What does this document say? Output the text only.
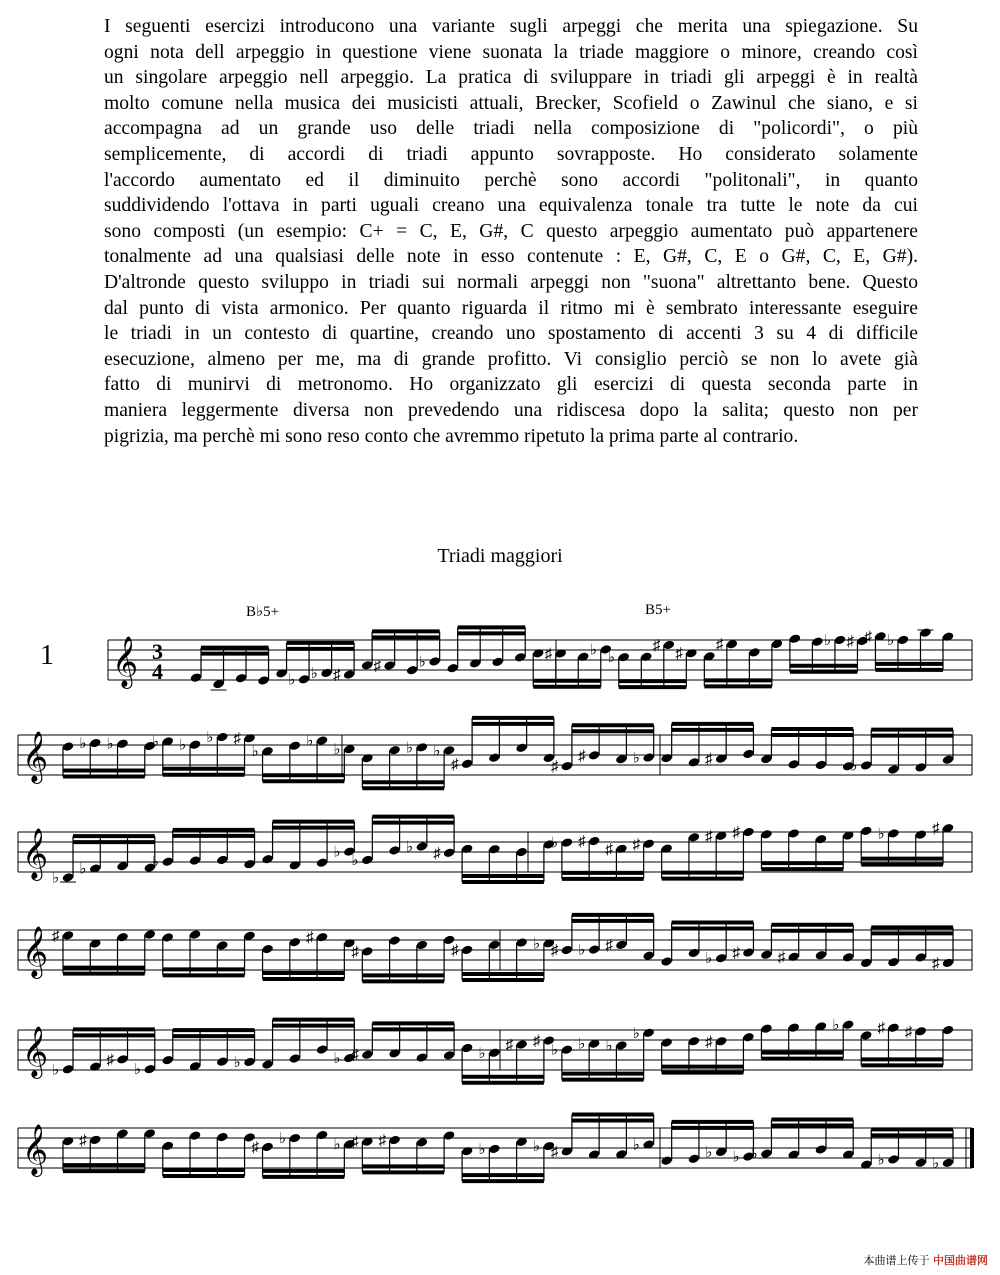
I seguenti esercizi introducono una variante sugli arpeggi che merita una spiegazione. Su
ogni nota dell arpeggio in questione viene suonata la triade maggiore o minore, creando così
un singolare arpeggio nell arpeggio. La pratica di sviluppare in triadi gli arpeggi è in realtà
molto comune nella musica dei musicisti attuali, Brecker, Scofield o Zawinul che siano, e si
accompagna ad un grande uso delle triadi nella composizione di "policordi", o più
semplicemente, di accordi di triadi appunto sovrapposte. Ho considerato solamente
l'accordo aumentato ed il diminuito perchè sono accordi "politonali", in quanto
suddividendo l'ottava in parti uguali creano una equivalenza tonale tra tutte le note da cui
sono composti (un esempio: C+ = C, E, G#, C questo arpeggio aumentato può appartenere
tonalmente ad una qualsiasi delle note in esso contenute : E, G#, C, E o G#, C, E, G#).
D'altronde questo sviluppo in triadi sui normali arpeggi non "suona" altrettanto bene. Questo
dal punto di vista armonico. Per quanto riguarda il ritmo mi è sembrato interessante eseguire
le triadi in un contesto di quartine, creando uno spostamento di accenti 3 su 4 di difficile
esecuzione, almeno per me, ma di grande profitto. Vi consiglio perciò se non lo avete già
fatto di munirvi di metronomo. Ho organizzato gli esercizi di questa seconda parte in
maniera leggermente diversa non prevedendo una ridiscesa dopo la salita; questo non per
pigrizia, ma perchè mi sono reso conto che avremmo ripetuto la prima parte al contrario.
Triadi maggiori
B♭5+	B5+
1 𝄞 3
4	♭ ♭ ♯
♯	♭
♯	♭ ♭
♯
♯
♯	♭ ♯ ♯ ♭
𝄞 ♭ ♭	♭ ♭ ♭ ♯
♭
♭
♭	♭ ♭
♯	♯
♯	♭	♯	♭
𝄞 ♭
♭	♭
♭
♭
♭ ♯
♭ ♯ ♯ ♯	♯ ♯	♭	♯
𝄞 ♯	♯
♯	♯	♭ ♯ ♭ ♯
♭ ♯	♯	♯
𝄞 ♭
♯
♭	♭	♭ ♯	♭
♯ ♯
♭ ♭ ♭
♭
♯
♭	♯ ♯
𝄞 ♯	♯
♭	♭ ♯ ♯
♭	♭ ♯	♭	♭ ♭ ♭	♭	♭
本曲谱上传于 中国曲谱网
